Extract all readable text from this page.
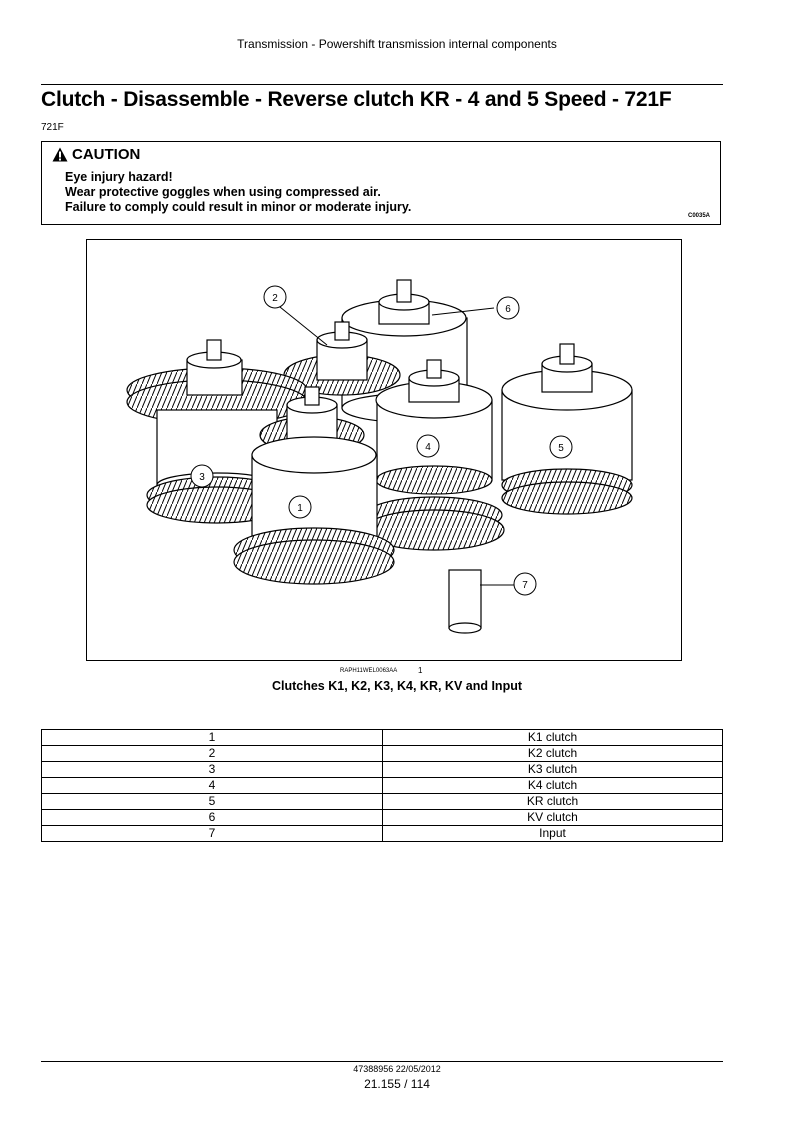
Transmission - Powershift transmission internal components
Clutch - Disassemble - Reverse clutch KR - 4 and 5 Speed - 721F
721F
CAUTION
Eye injury hazard!
Wear protective goggles when using compressed air.
Failure to comply could result in minor or moderate injury.
C0035A
1
2
3
4	5
6
7
RAPH11WEL0063AA	1
Clutches K1, K2, K3, K4, KR, KV and Input
1	K1 clutch
2	K2 clutch
3	K3 clutch
4	K4 clutch
5	KR clutch
6	KV clutch
7	Input
47388956 22/05/2012
21.155 / 114
